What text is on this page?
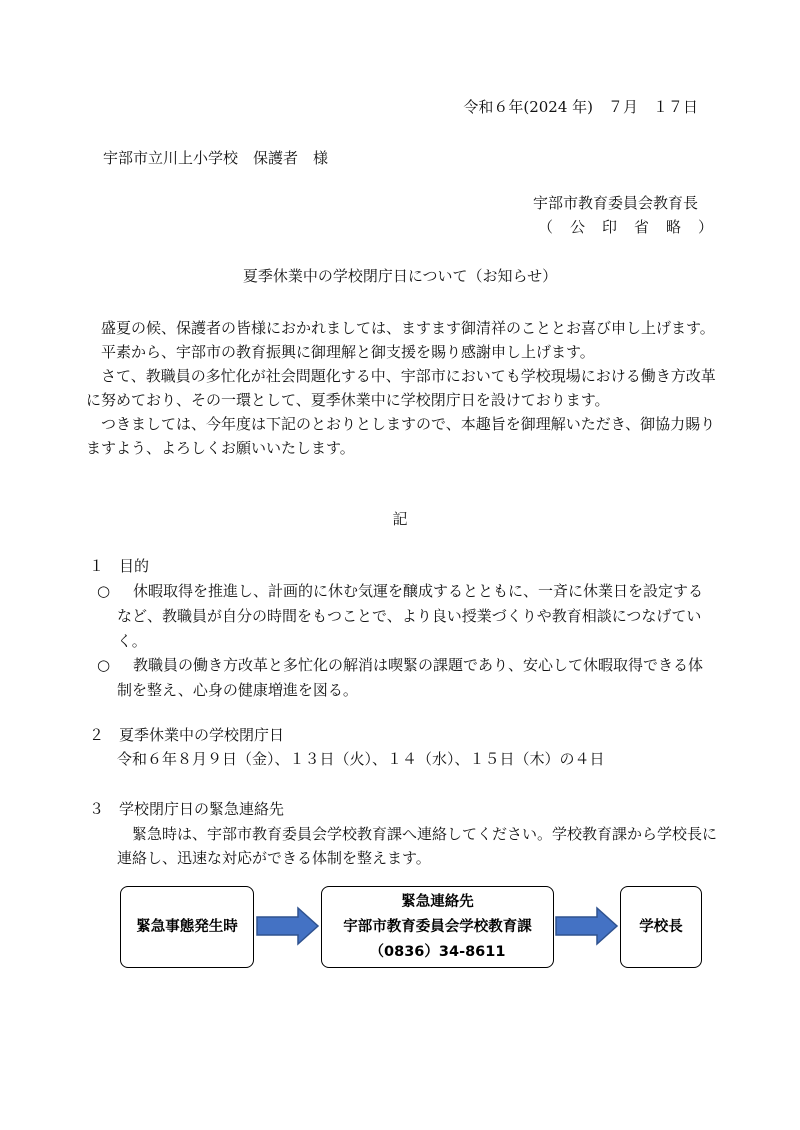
令和６年(2024 年)　７月　１７日
宇部市立川上小学校　保護者　様
宇部市教育委員会教育長
（　公　印　省　略　）
夏季休業中の学校閉庁日について（お知らせ）

盛夏の候、保護者の皆様におかれましては、ますます御清祥のこととお喜び申し上げます。

平素から、宇部市の教育振興に御理解と御支援を賜り感謝申し上げます。

さて、教職員の多忙化が社会問題化する中、宇部市においても学校現場における働き方改革に努めており、その一環として、夏季休業中に学校閉庁日を設けております。

つきましては、今年度は下記のとおりとしますので、本趣旨を御理解いただき、御協力賜りますよう、よろしくお願いいたします。

記
１　目的
○	休暇取得を推進し、計画的に休む気運を醸成するとともに、一斉に休業日を設定するなど、教職員が自分の時間をもつことで、より良い授業づくりや教育相談につなげていく。
○	教職員の働き方改革と多忙化の解消は喫緊の課題であり、安心して休暇取得できる体制を整え、心身の健康増進を図る。
２　夏季休業中の学校閉庁日
令和６年８月９日（金）、１３日（火）、１４（水）、１５日（木）の４日
３　学校閉庁日の緊急連絡先
緊急時は、宇部市教育委員会学校教育課へ連絡してください。学校教育課から学校長に連絡し、迅速な対応ができる体制を整えます。
緊急事態発生時
緊急連絡先
宇部市教育委員会学校教育課
（0836）34-8611
学校長
